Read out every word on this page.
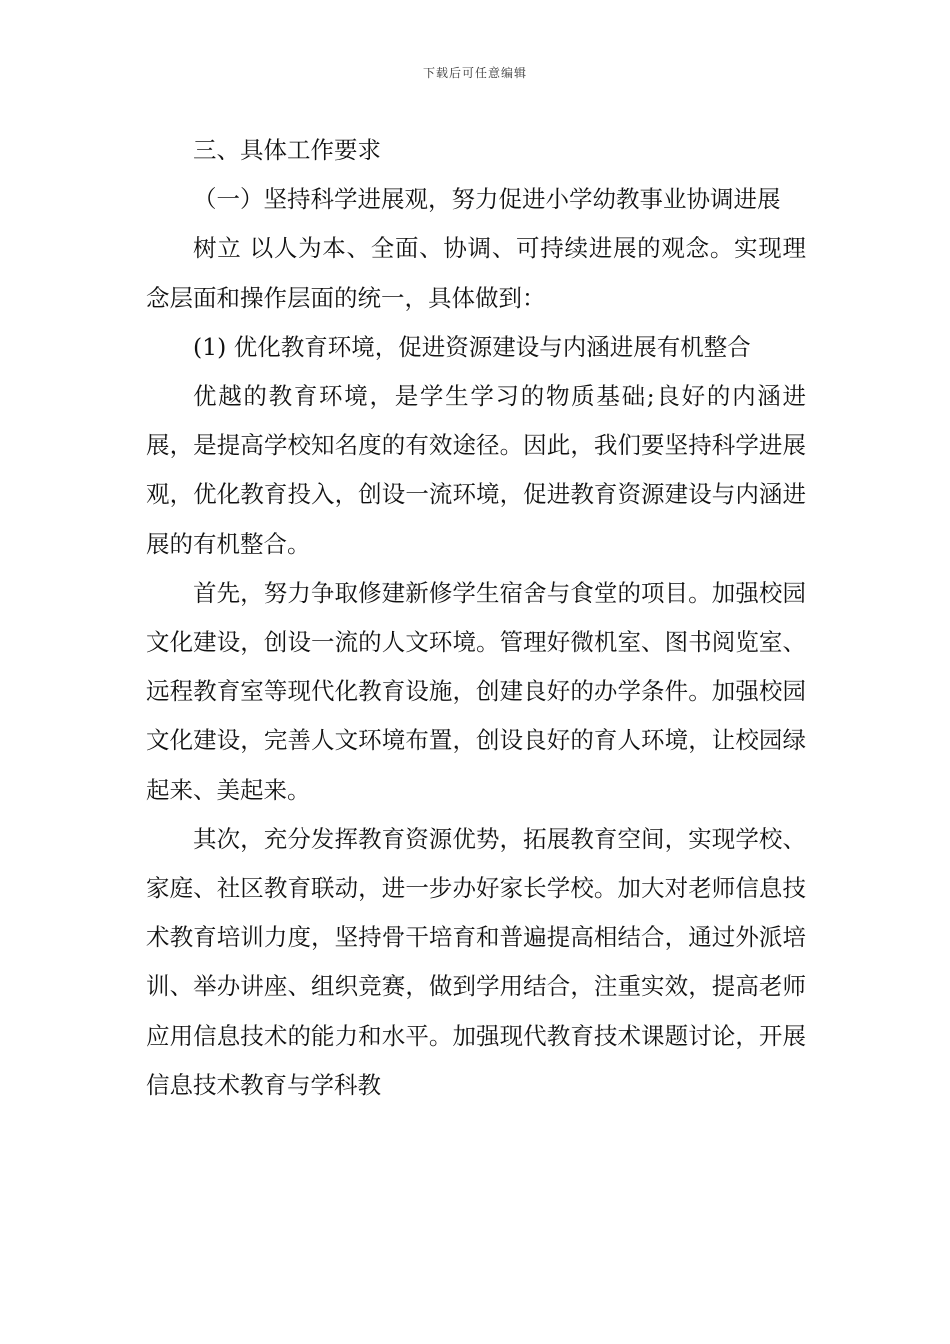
下载后可任意编辑

三、具体工作要求

（一）坚持科学进展观，努力促进小学幼教事业协调进展

树立 以人为本、全面、协调、可持续进展的观念。实现理念层面和操作层面的统一，具体做到：

(1) 优化教育环境，促进资源建设与内涵进展有机整合

优越的教育环境，是学生学习的物质基础;良好的内涵进展，是提高学校知名度的有效途径。因此，我们要坚持科学进展观，优化教育投入，创设一流环境，促进教育资源建设与内涵进展的有机整合。

首先，努力争取修建新修学生宿舍与食堂的项目。加强校园文化建设，创设一流的人文环境。管理好微机室、图书阅览室、远程教育室等现代化教育设施，创建良好的办学条件。加强校园文化建设，完善人文环境布置，创设良好的育人环境，让校园绿起来、美起来。

其次，充分发挥教育资源优势，拓展教育空间，实现学校、家庭、社区教育联动，进一步办好家长学校。加大对老师信息技术教育培训力度，坚持骨干培育和普遍提高相结合，通过外派培训、举办讲座、组织竞赛，做到学用结合，注重实效，提高老师应用信息技术的能力和水平。加强现代教育技术课题讨论，开展信息技术教育与学科教
